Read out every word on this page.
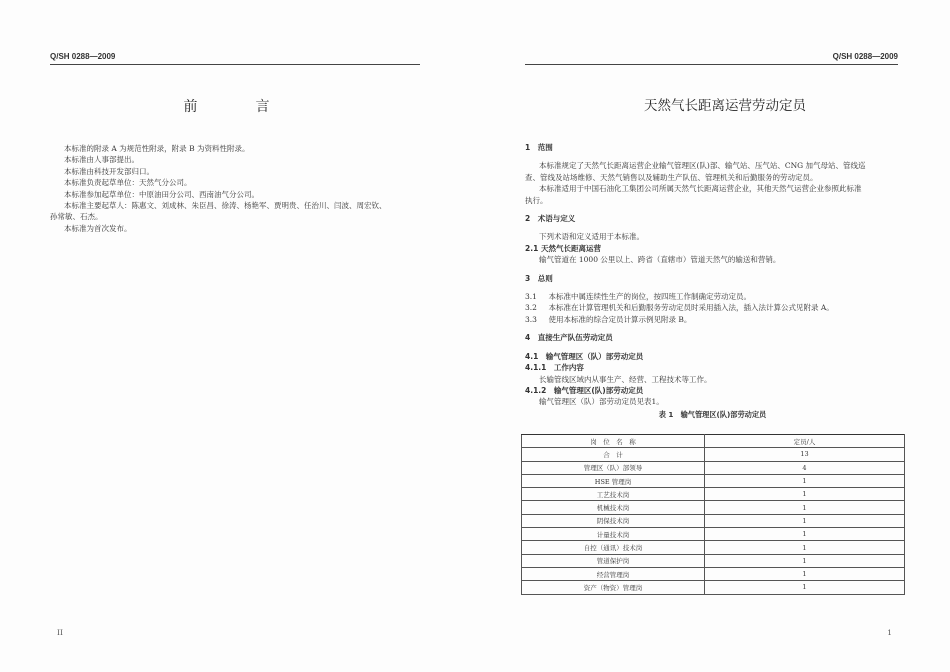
Q/SH 0288—2009
前　言

本标准的附录 A 为规范性附录，附录 B 为资料性附录。

本标准由人事部提出。

本标准由科技开发部归口。

本标准负责起草单位：天然气分公司。

本标准参加起草单位：中原油田分公司、西南油气分公司。

本标准主要起草人：陈惠文、刘成林、朱臣昌、徐涛、杨艳军、贾明贵、任治川、闫波、周宏钦、

孙常敏、石杰。

本标准为首次发布。

II
Q/SH 0288—2009
天然气长距离运营劳动定员

1　范围

本标准规定了天然气长距离运营企业输气管理区(队)部、输气站、压气站、CNG 加气母站、管线巡

查、管线及站场维修、天然气销售以及辅助生产队伍、管理机关和后勤服务的劳动定员。

本标准适用于中国石油化工集团公司所属天然气长距离运营企业，其他天然气运营企业参照此标准

执行。

2　术语与定义

下列术语和定义适用于本标准。

2.1 天然气长距离运营

输气管道在 1000 公里以上、跨省（直辖市）管道天然气的输送和营销。

3　总则

3.1　 本标准中属连续性生产的岗位，按四班工作制确定劳动定员。

3.2　 本标准在计算管理机关和后勤服务劳动定员时采用插入法，插入法计算公式见附录 A。

3.3　 使用本标准的综合定员计算示例见附录 B。

4　直接生产队伍劳动定员

4.1　输气管理区（队）部劳动定员

4.1.1　工作内容

长输管线区域内从事生产、经营、工程技术等工作。

4.1.2　输气管理区(队)部劳动定员

输气管理区（队）部劳动定员见表1。

表 1　输气管理区(队)部劳动定员

岗　位　名　称	定员/人
合　计	13
管理区（队）部领导	4
HSE 管理岗	1
工艺技术岗	1
机械技术岗	1
阴保技术岗	1
计量技术岗	1
自控（通讯）技术岗	1
管道保护岗	1
经营管理岗	1
资产（物资）管理岗	1
1
